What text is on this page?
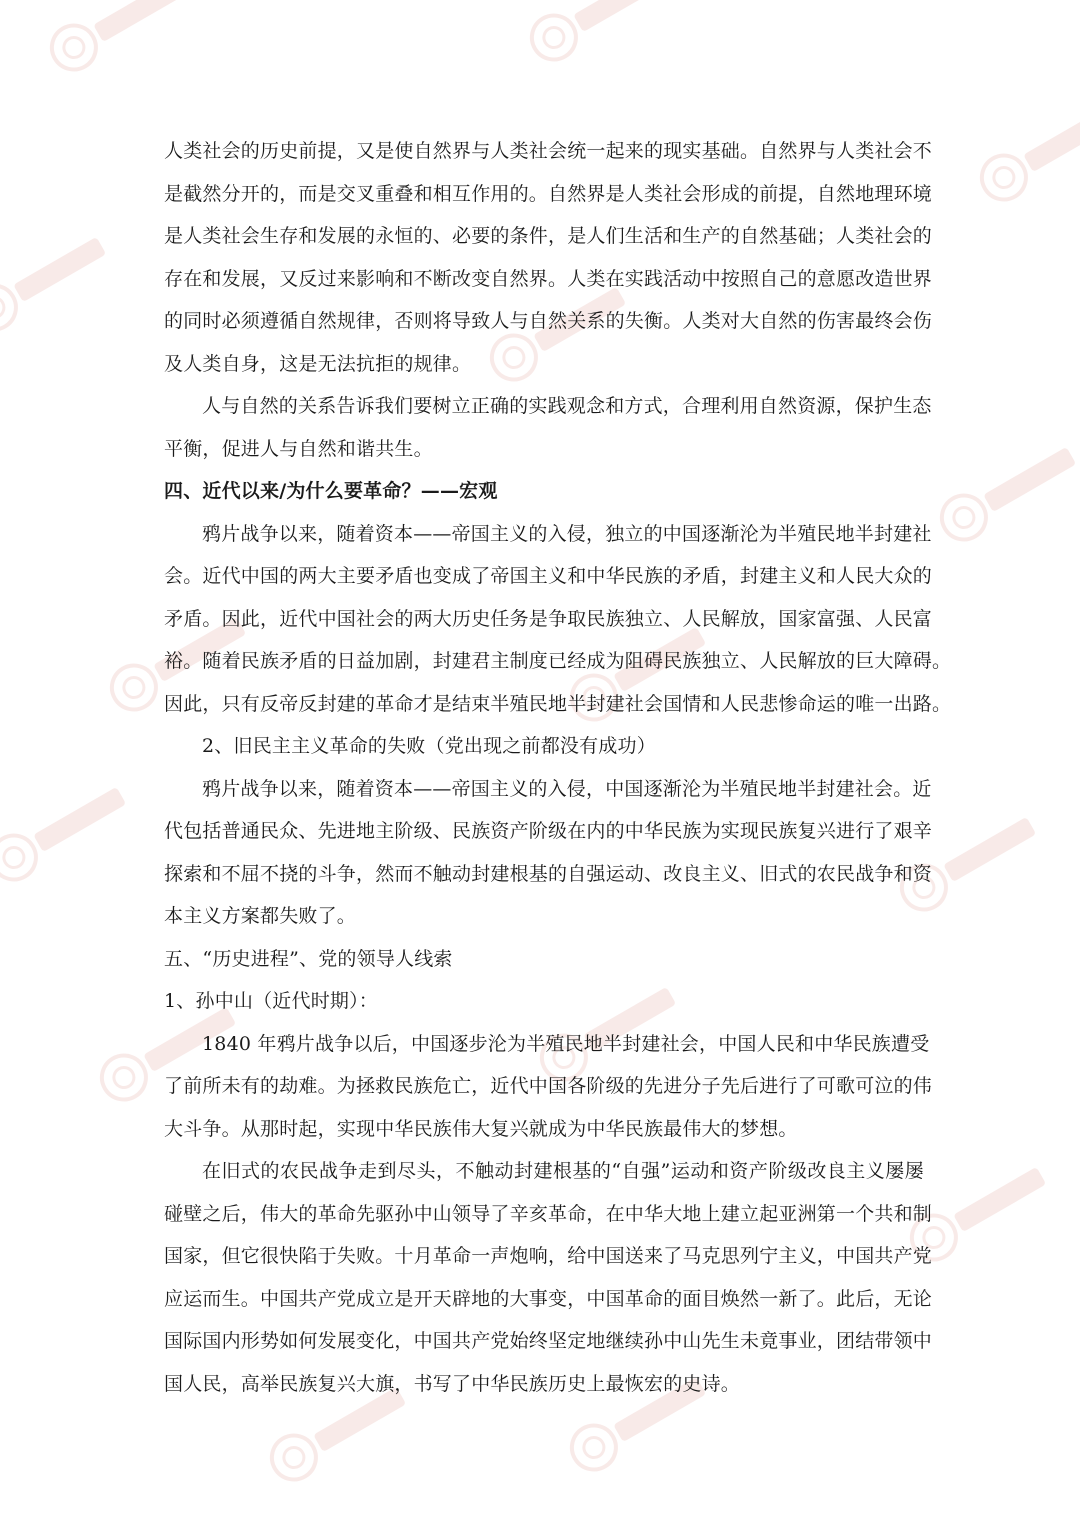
人类社会的历史前提，又是使自然界与人类社会统一起来的现实基础。自然界与人类社会不
是截然分开的，而是交叉重叠和相互作用的。自然界是人类社会形成的前提，自然地理环境
是人类社会生存和发展的永恒的、必要的条件，是人们生活和生产的自然基础；人类社会的
存在和发展，又反过来影响和不断改变自然界。人类在实践活动中按照自己的意愿改造世界
的同时必须遵循自然规律，否则将导致人与自然关系的失衡。人类对大自然的伤害最终会伤
及人类自身，这是无法抗拒的规律。
人与自然的关系告诉我们要树立正确的实践观念和方式，合理利用自然资源，保护生态
平衡，促进人与自然和谐共生。
四、近代以来/为什么要革命？——宏观
鸦片战争以来，随着资本——帝国主义的入侵，独立的中国逐渐沦为半殖民地半封建社
会。近代中国的两大主要矛盾也变成了帝国主义和中华民族的矛盾，封建主义和人民大众的
矛盾。因此，近代中国社会的两大历史任务是争取民族独立、人民解放，国家富强、人民富
裕。随着民族矛盾的日益加剧，封建君主制度已经成为阻碍民族独立、人民解放的巨大障碍。
因此，只有反帝反封建的革命才是结束半殖民地半封建社会国情和人民悲惨命运的唯一出路。
2、旧民主主义革命的失败（党出现之前都没有成功）
鸦片战争以来，随着资本——帝国主义的入侵，中国逐渐沦为半殖民地半封建社会。近
代包括普通民众、先进地主阶级、民族资产阶级在内的中华民族为实现民族复兴进行了艰辛
探索和不屈不挠的斗争，然而不触动封建根基的自强运动、改良主义、旧式的农民战争和资
本主义方案都失败了。
五、“历史进程”、党的领导人线索
1、孙中山（近代时期）：
1840 年鸦片战争以后，中国逐步沦为半殖民地半封建社会，中国人民和中华民族遭受
了前所未有的劫难。为拯救民族危亡，近代中国各阶级的先进分子先后进行了可歌可泣的伟
大斗争。从那时起，实现中华民族伟大复兴就成为中华民族最伟大的梦想。
在旧式的农民战争走到尽头，不触动封建根基的“自强”运动和资产阶级改良主义屡屡
碰壁之后，伟大的革命先驱孙中山领导了辛亥革命，在中华大地上建立起亚洲第一个共和制
国家，但它很快陷于失败。十月革命一声炮响，给中国送来了马克思列宁主义，中国共产党
应运而生。中国共产党成立是开天辟地的大事变，中国革命的面目焕然一新了。此后，无论
国际国内形势如何发展变化，中国共产党始终坚定地继续孙中山先生未竟事业，团结带领中
国人民，高举民族复兴大旗，书写了中华民族历史上最恢宏的史诗。
